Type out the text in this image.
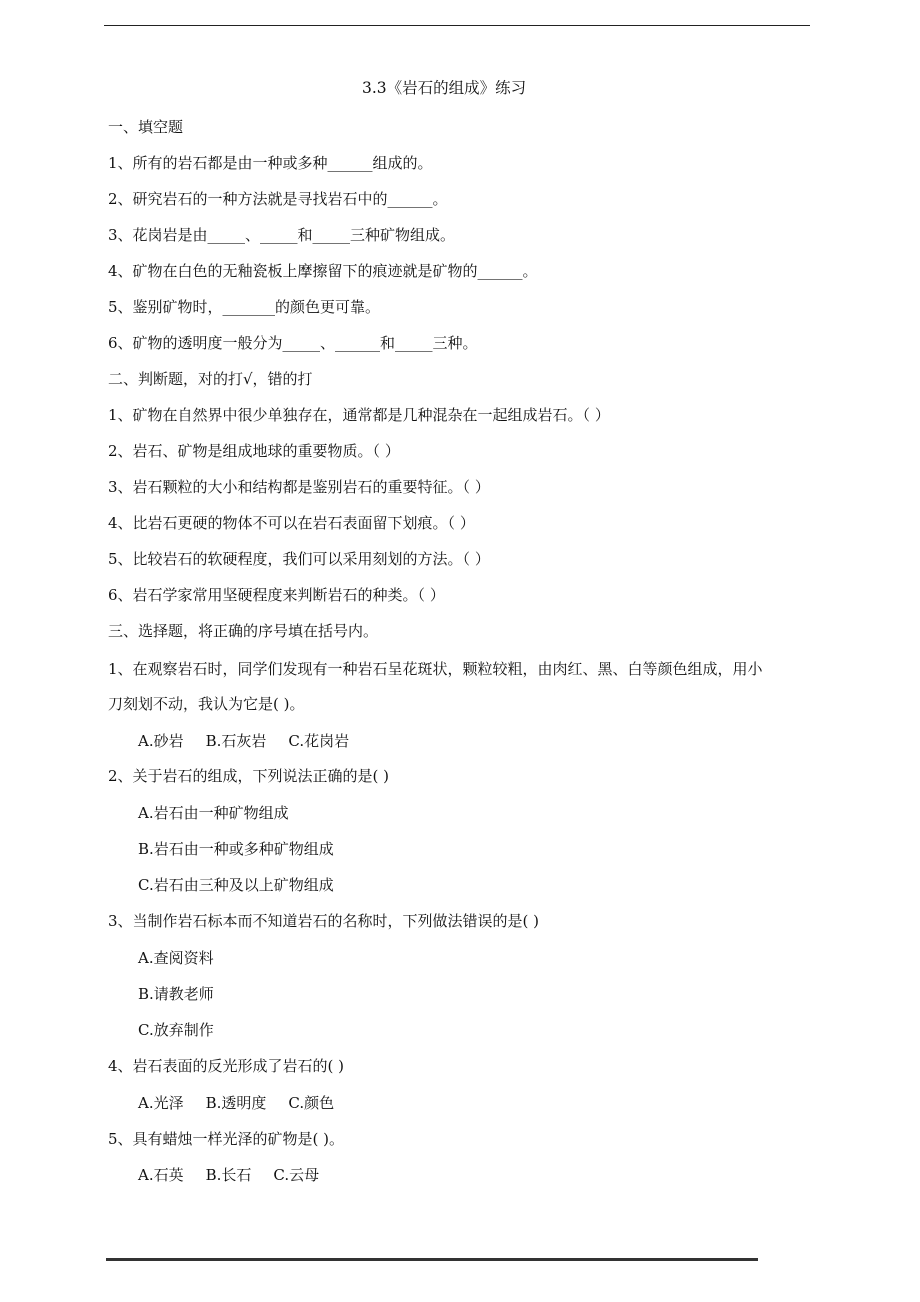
3.3《岩石的组成》练习
一、填空题
1、所有的岩石都是由一种或多种______组成的。
2、研究岩石的一种方法就是寻找岩石中的______。
3、花岗岩是由_____、_____和_____三种矿物组成。
4、矿物在白色的无釉瓷板上摩擦留下的痕迹就是矿物的______。
5、鉴别矿物时，_______的颜色更可靠。
6、矿物的透明度一般分为_____、______和_____三种。
二、判断题，对的打√，错的打
1、矿物在自然界中很少单独存在，通常都是几种混杂在一起组成岩石。（ ）
2、岩石、矿物是组成地球的重要物质。（ ）
3、岩石颗粒的大小和结构都是鉴别岩石的重要特征。（ ）
4、比岩石更硬的物体不可以在岩石表面留下划痕。（ ）
5、比较岩石的软硬程度，我们可以采用刻划的方法。（ ）
6、岩石学家常用坚硬程度来判断岩石的种类。（ ）
三、选择题，将正确的序号填在括号内。
1、在观察岩石时，同学们发现有一种岩石呈花斑状，颗粒较粗，由肉红、黑、白等颜色组成，用小
刀刻划不动，我认为它是( )。
A.砂岩 B.石灰岩 C.花岗岩
2、关于岩石的组成，下列说法正确的是( )
A.岩石由一种矿物组成
B.岩石由一种或多种矿物组成
C.岩石由三种及以上矿物组成
3、当制作岩石标本而不知道岩石的名称时，下列做法错误的是( )
A.查阅资料
B.请教老师
C.放弃制作
4、岩石表面的反光形成了岩石的( )
A.光泽 B.透明度 C.颜色
5、具有蜡烛一样光泽的矿物是( )。
A.石英 B.长石 C.云母
